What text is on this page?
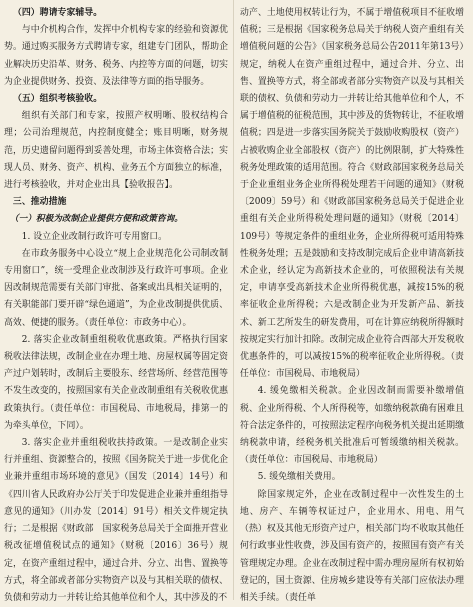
（四）聘请专家辅导。

与中介机构合作，发挥中介机构专家的经验和资源优势。通过购买服务方式聘请专家，组建专门团队，帮助企业解决历史沿革、财务、税务、内控等方面的问题，切实为企业提供财务、投资、及法律等方面的指导服务。

（五）组织考核验收。

组织有关部门和专家，按照产权明晰、股权结构合理；公司治理规范，内控制度健全；账目明晰，财务规范，历史遗留问题得到妥善处理，市场主体资格合法；实现人员、财务、资产、机构、业务五个方面独立的标准，进行考核验收，并对企业出具【验收报告】。

三、推动措施

（一）积极为改制企业提供方便和政策咨询。

1. 设立企业改制行政许可专用窗口。

在市政务服务中心设立“规上企业规范化公司制改制专用窗口”，统一受理企业改制涉及行政许可事项。企业因改制规范需要有关部门审批、备案或出具相关证明的，有关职能部门要开辟“绿色通道”，为企业改制提供优质、高效、便捷的服务。（责任单位：市政务中心）。

2. 落实企业改制重组税收优惠政策。严格执行国家税收法律法规，改制企业在办理土地、房屋权属等固定资产过户划转时，改制后主要股东、经营场所、经营范围等不发生改变的，按照国家有关企业改制重组有关税收优惠政策执行。（责任单位：市国税局、市地税局，排第一的为牵头单位，下同）。

3. 落实企业并重组税收扶持政策。一是改制企业实行并重组、资源整合的，按照《国务院关于进一步优化企业兼并重组市场环境的意见》（国发〔2014〕14号）和《四川省人民政府办公厅关于印发促进企业兼并重组指导意见的通知》（川办发〔2014〕91号）相关文件规定执行；二是根据《财政部　国家税务总局关于全面推开营业税改征增值税试点的通知》（财税〔2016〕36号）规定，在资产重组过程中，通过合并、分立、出售、置换等方式，将全部或者部分实物资产以及与其相关联的债权、负债和劳动力一并转让给其他单位和个人，其中涉及的不

动产、土地使用权转让行为，不属于增值税项目不征收增值税；三是根据《国家税务总局关于纳税人资产重组有关增值税问题的公告》（国家税务总局公告2011年第13号）规定，纳税人在资产重组过程中，通过合并、分立、出售、置换等方式，将全部或者部分实物资产以及与其相关联的债权、负债和劳动力一并转让给其他单位和个人，不属于增值税的征税范围，其中涉及的货物转让，不征收增值税；四是进一步落实国务院关于鼓励收购股权（资产）占被收购企业全部股权（资产）的比例限制，扩大特殊性税务处理政策的适用范围。符合《财政部国家税务总局关于企业重组业务企业所得税处理若干问题的通知》（财税〔2009〕59号）和《财政部国家税务总局关于促进企业重组有关企业所得税处理问题的通知》（财税〔2014〕109号）等规定条件的重组业务，企业所得税可适用特殊性税务处理；五是鼓励和支持改制完成后企业申请高新技术企业，经认定为高新技术企业的，可依照税法有关规定，申请享受高新技术企业所得税优惠，减按15%的税率征收企业所得税；六是改制企业为开发新产品、新技术、新工艺所发生的研发费用，可在计算应纳税所得额时按规定实行加计扣除。改制完成企业符合西部大开发税收优惠条件的，可以减按15%的税率征收企业所得税。（责任单位：市国税局、市地税局）

4. 缓免缴相关税款。企业因改制而需要补缴增值税、企业所得税、个人所得税等，如缴纳税款确有困难且符合法定条件的，可按照法定程序向税务机关提出延期缴纳税款申请，经税务机关批准后可暂缓缴纳相关税款。（责任单位：市国税局、市地税局）

5. 缓免缴相关费用。

除国家规定外，企业在改制过程中一次性发生的土地、房产、车辆等权证过户，企业用水、用电、用气（热）权及其他无形资产过户，相关部门均不收取其他任何行政事业性收费，涉及国有资产的，按照国有资产有关管理规定办理。企业在改制过程中需办理房屋所有权初始登记的，国土资源、住房城乡建设等有关部门应依法办理相关手续。（责任单
